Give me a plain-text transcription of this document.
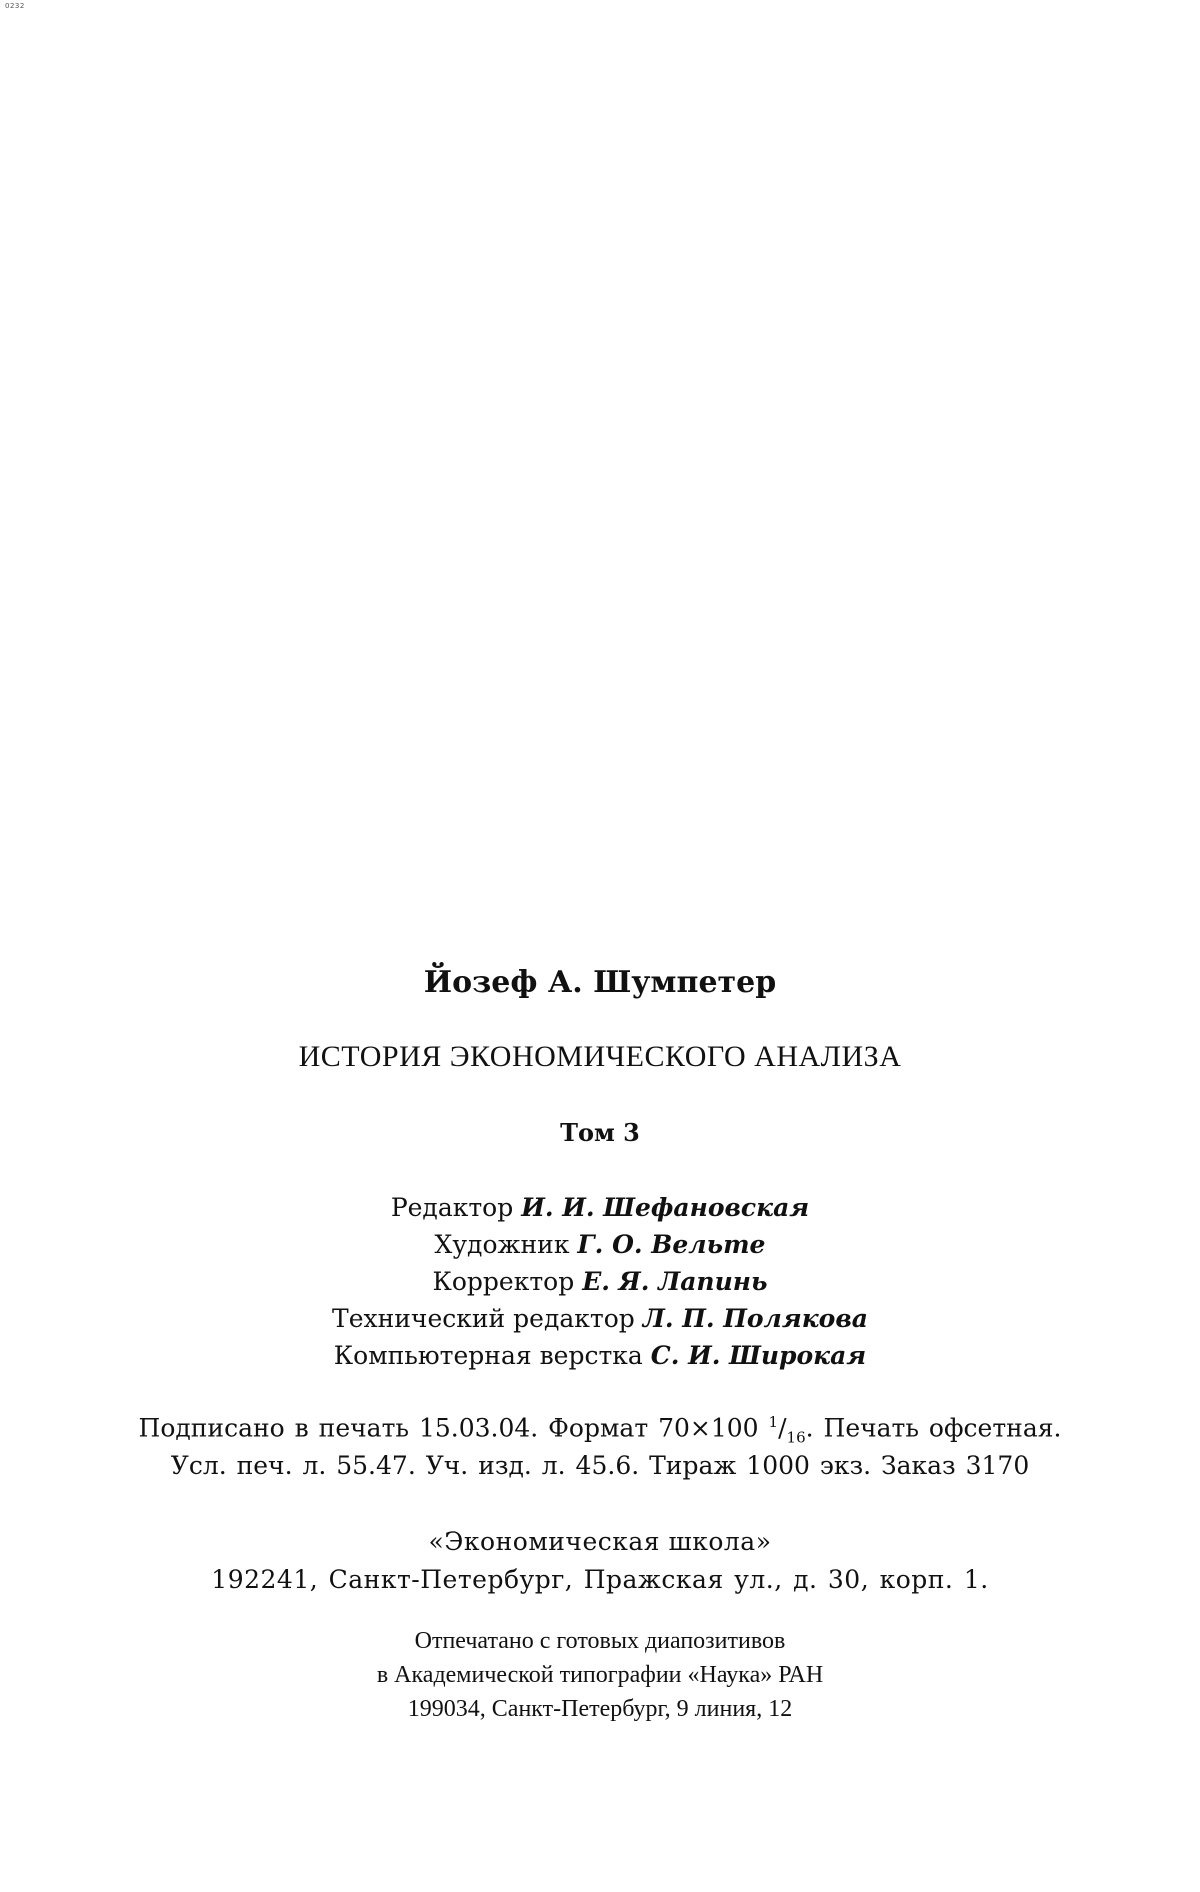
0232
Йозеф А. Шумпетер
ИСТОРИЯ ЭКОНОМИЧЕСКОГО АНАЛИЗА
Том 3
Редактор И. И. Шефановская
Художник Г. О. Вельте
Корректор Е. Я. Лапинь
Технический редактор Л. П. Полякова
Компьютерная верстка С. И. Широкая
Подписано в печать 15.03.04. Формат 70×100 $^1/_{16}$. Печать офсетная.
Усл. печ. л. 55.47. Уч. изд. л. 45.6. Тираж 1000 экз. Заказ 3170
«Экономическая школа»
192241, Санкт-Петербург, Пражская ул., д. 30, корп. 1.
Отпечатано с готовых диапозитивов
в Академической типографии «Наука» РАН
199034, Санкт-Петербург, 9 линия, 12
